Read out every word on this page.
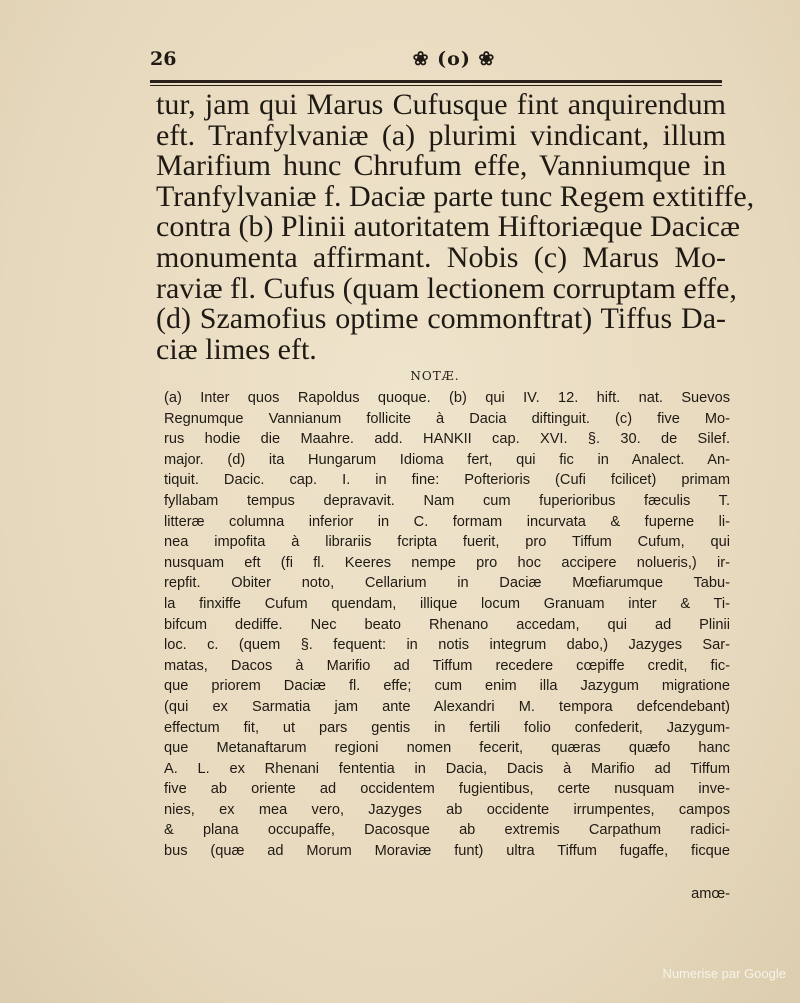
26	❀ (o) ❀
tur, jam qui Marus Cufusque fint anquirendum
eft. Tranfylvaniæ (a) plurimi vindicant, illum
Marifium hunc Chrufum effe, Vanniumque in
Tranfylvaniæ f. Daciæ parte tunc Regem extitiffe,
contra (b) Plinii autoritatem Hiftoriæque Dacicæ
monumenta affirmant. Nobis (c) Marus Mo-
raviæ fl. Cufus (quam lectionem corruptam effe,
(d) Szamofius optime commonftrat) Tiffus Da-
ciæ limes eft.
NOTÆ.
(a) Inter quos Rapoldus quoque. (b) qui IV. 12. hift. nat. Suevos
Regnumque Vannianum follicite à Dacia diftinguit. (c) five Mo-
rus hodie die Maahre. add. HANKII cap. XVI. §. 30. de Silef.
major. (d) ita Hungarum Idioma fert, qui fic in Analect. An-
tiquit. Dacic. cap. I. in fine: Pofterioris (Cufi fcilicet) primam
fyllabam tempus depravavit. Nam cum fuperioribus fæculis T.
litteræ columna inferior in C. formam incurvata & fuperne li-
nea impofita à librariis fcripta fuerit, pro Tiffum Cufum, qui
nusquam eft (fi fl. Keeres nempe pro hoc accipere nolueris,) ir-
repfit. Obiter noto, Cellarium in Daciæ Mœfiarumque Tabu-
la finxiffe Cufum quendam, illique locum Granuam inter & Ti-
bifcum dediffe. Nec beato Rhenano accedam, qui ad Plinii
loc. c. (quem §. fequent: in notis integrum dabo,) Jazyges Sar-
matas, Dacos à Marifio ad Tiffum recedere cœpiffe credit, fic-
que priorem Daciæ fl. effe; cum enim illa Jazygum migratione
(qui ex Sarmatia jam ante Alexandri M. tempora defcendebant)
effectum fit, ut pars gentis in fertili folio confederit, Jazygum-
que Metanaftarum regioni nomen fecerit, quæras quæfo hanc
A. L. ex Rhenani fententia in Dacia, Dacis à Marifio ad Tiffum
five ab oriente ad occidentem fugientibus, certe nusquam inve-
nies, ex mea vero, Jazyges ab occidente irrumpentes, campos
& plana occupaffe, Dacosque ab extremis Carpathum radici-
bus (quæ ad Morum Moraviæ funt) ultra Tiffum fugaffe, ficque
amœ-
Numerise par Google
